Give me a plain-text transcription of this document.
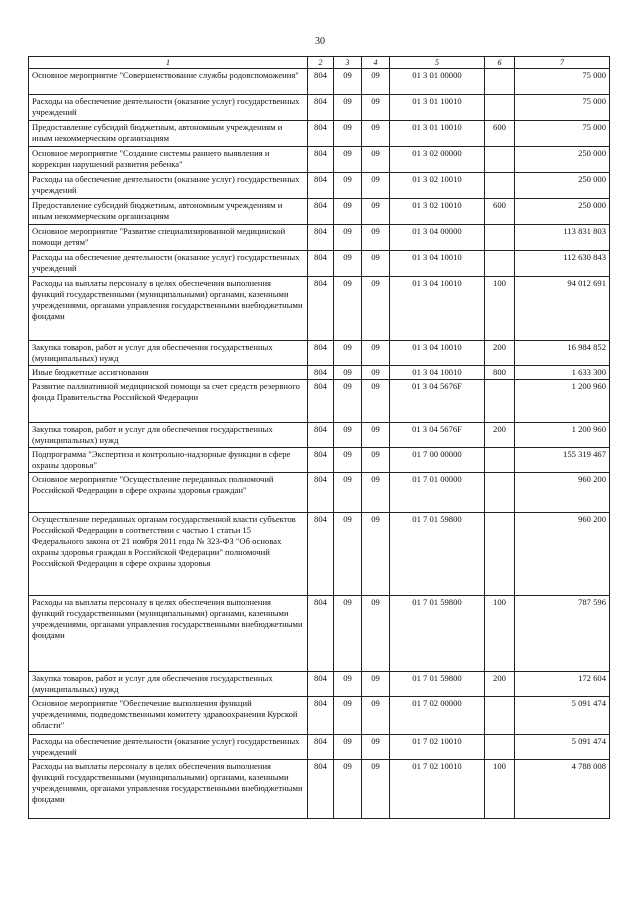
30
1	2	3	4	5	6	7
Основное мероприятие "Совершенствование службы родовспоможения"	804	09	09	01 3 01 00000		75 000
Расходы на обеспечение деятельности (оказание услуг) государственных учреждений	804	09	09	01 3 01 10010		75 000
Предоставление субсидий бюджетным, автономным учреждениям и иным некоммерческим организациям	804	09	09	01 3 01 10010	600	75 000
Основное мероприятие "Создание системы раннего выявления и коррекции нарушений развития ребенка"	804	09	09	01 3 02 00000		250 000
Расходы на обеспечение деятельности (оказание услуг) государственных учреждений	804	09	09	01 3 02 10010		250 000
Предоставление субсидий бюджетным, автономным учреждениям и иным некоммерческим организациям	804	09	09	01 3 02 10010	600	250 000
Основное мероприятие "Развитие специализированной медицинской помощи детям"	804	09	09	01 3 04 00000		113 831 803
Расходы на обеспечение деятельности (оказание услуг) государственных учреждений	804	09	09	01 3 04 10010		112 630 843
Расходы на выплаты персоналу в целях обеспечения выполнения функций государственными (муниципальными) органами, казенными учреждениями, органами управления государственными внебюджетными фондами	804	09	09	01 3 04 10010	100	94 012 691
Закупка товаров, работ и услуг для обеспечения государственных (муниципальных) нужд	804	09	09	01 3 04 10010	200	16 984 852
Иные бюджетные ассигнования	804	09	09	01 3 04 10010	800	1 633 300
Развитие паллиативной медицинской помощи за счет средств резервного фонда Правительства Российской Федерации	804	09	09	01 3 04 5676F		1 200 960
Закупка товаров, работ и услуг для обеспечения государственных (муниципальных) нужд	804	09	09	01 3 04 5676F	200	1 200 960
Подпрограмма "Экспертиза и контрольно-надзорные функции в сфере охраны здоровья"	804	09	09	01 7 00 00000		155 319 467
Основное мероприятие "Осуществление переданных полномочий Российской Федерации в сфере охраны здоровья граждан"	804	09	09	01 7 01 00000		960 200
Осуществление переданных органам государственной власти субъектов Российской Федерации в соответствии с частью 1 статьи 15 Федерального закона от 21 ноября 2011 года № 323-ФЗ "Об основах охраны здоровья граждан в Российской Федерации" полномочий Российской Федерации в сфере охраны здоровья	804	09	09	01 7 01 59800		960 200
Расходы на выплаты персоналу в целях обеспечения выполнения функций государственными (муниципальными) органами, казенными учреждениями, органами управления государственными внебюджетными фондами	804	09	09	01 7 01 59800	100	787 596
Закупка товаров, работ и услуг для обеспечения государственных (муниципальных) нужд	804	09	09	01 7 01 59800	200	172 604
Основное мероприятие "Обеспечение выполнения функций учреждениями, подведомственными комитету здравоохранения Курской области"	804	09	09	01 7 02 00000		5 091 474
Расходы на обеспечение деятельности (оказание услуг) государственных учреждений	804	09	09	01 7 02 10010		5 091 474
Расходы на выплаты персоналу в целях обеспечения выполнения функций государственными (муниципальными) органами, казенными учреждениями, органами управления государственными внебюджетными фондами	804	09	09	01 7 02 10010	100	4 788 008
